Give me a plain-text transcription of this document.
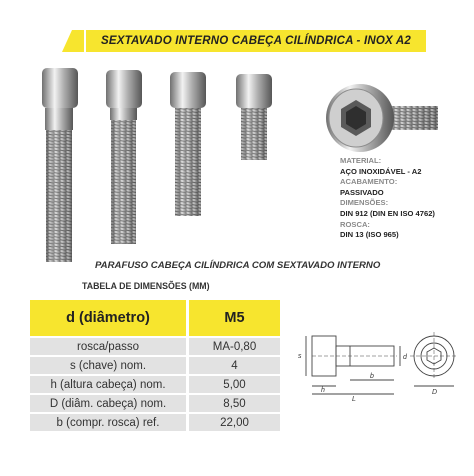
SEXTAVADO INTERNO CABEÇA CILÍNDRICA - INOX A2
MATERIAL:
AÇO INOXIDÁVEL - A2
ACABAMENTO:
PASSIVADO
DIMENSÕES:
DIN 912 (DIN EN ISO 4762)
ROSCA:
DIN 13 (ISO 965)
PARAFUSO CABEÇA CILÍNDRICA COM SEXTAVADO INTERNO
TABELA DE DIMENSÕES (MM)
d (diâmetro)	M5
rosca/passo	MA-0,80
s (chave) nom.	4
h (altura cabeça) nom.	5,00
D (diâm. cabeça) nom.	8,50
b (compr. rosca) ref.	22,00
s
h
L
b
d
D
